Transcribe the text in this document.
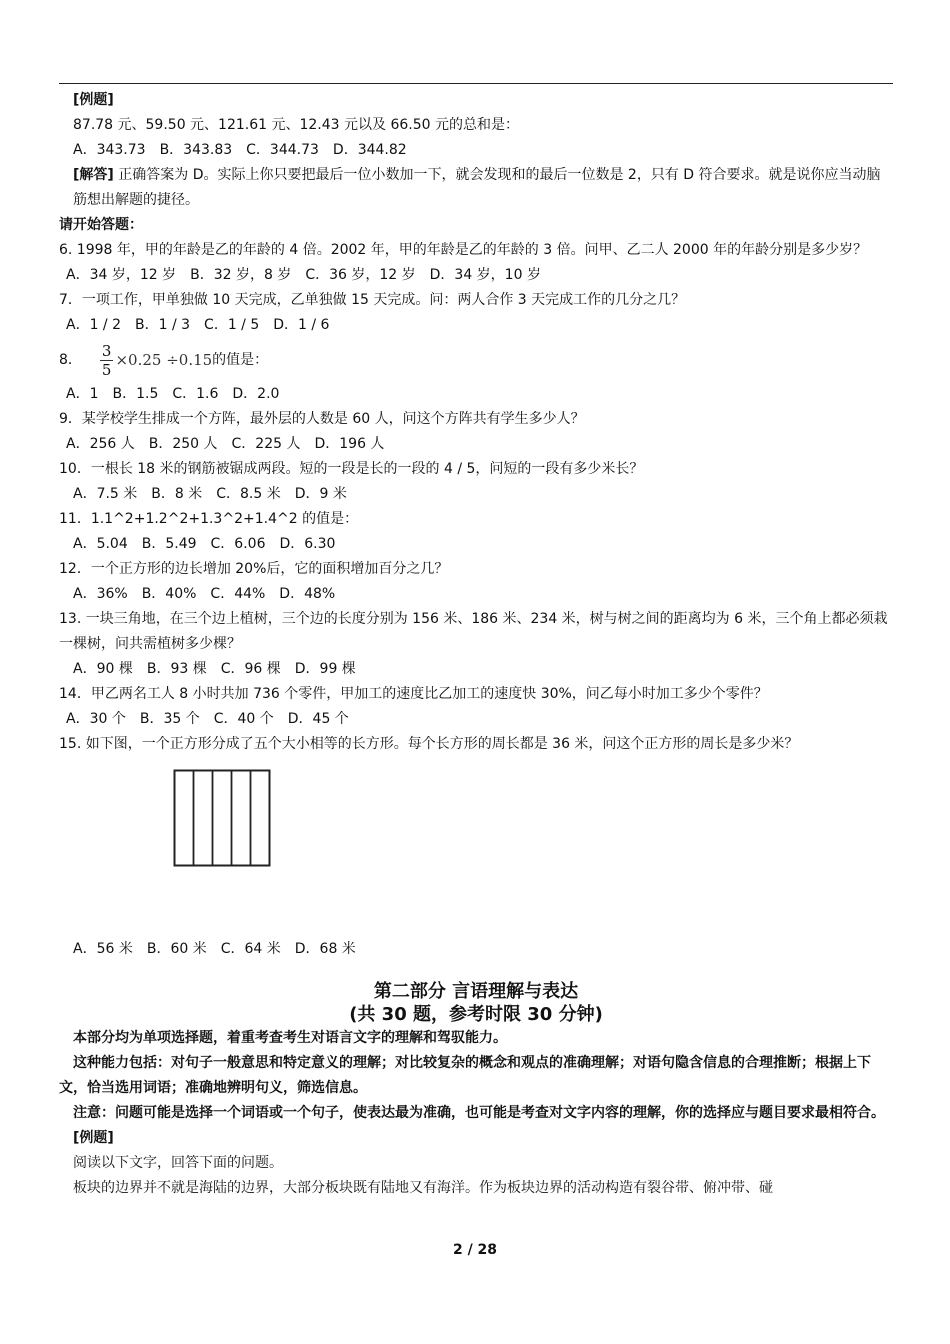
[例题]
87.78 元、59.50 元、121.61 元、12.43 元以及 66.50 元的总和是：
A．343.73　B．343.83　C．344.73　D．344.82
[解答] 正确答案为 D。实际上你只要把最后一位小数加一下，就会发现和的最后一位数是 2，只有 D 符合要求。就是说你应当动脑筋想出解题的捷径。
请开始答题：
6. 1998 年，甲的年龄是乙的年龄的 4 倍。2002 年，甲的年龄是乙的年龄的 3 倍。问甲、乙二人 2000 年的年龄分别是多少岁？
A．34 岁，12 岁　B．32 岁，8 岁　C．36 岁，12 岁　D．34 岁，10 岁
7．一项工作，甲单独做 10 天完成，乙单独做 15 天完成。问：两人合作 3 天完成工作的几分之几？
A．1 / 2　B．1 / 3　C．1 / 5　D．1 / 6
8． $\frac{3}{5} \times 0.25 \div 0.15$ 的值是：
A．1　B．1.5　C．1.6　D．2.0
9．某学校学生排成一个方阵，最外层的人数是 60 人，问这个方阵共有学生多少人？
A．256 人　B．250 人　C．225 人　D．196 人
10．一根长 18 米的钢筋被锯成两段。短的一段是长的一段的 4 / 5，问短的一段有多少米长？
A．7.5 米　B．8 米　C．8.5 米　D．9 米
11．1.1^2+1.2^2+1.3^2+1.4^2 的值是：
A．5.04　B．5.49　C．6.06　D．6.30
12．一个正方形的边长增加 20%后，它的面积增加百分之几？
A．36%　B．40%　C．44%　D．48%
13. 一块三角地，在三个边上植树，三个边的长度分别为 156 米、186 米、234 米，树与树之间的距离均为 6 米，三个角上都必须栽一棵树，问共需植树多少棵？
A．90 棵　B．93 棵　C．96 棵　D．99 棵
14．甲乙两名工人 8 小时共加 736 个零件，甲加工的速度比乙加工的速度快 30%，问乙每小时加工多少个零件？
A．30 个　B．35 个　C．40 个　D．45 个
15. 如下图，一个正方形分成了五个大小相等的长方形。每个长方形的周长都是 36 米，问这个正方形的周长是多少米？
A．56 米　B．60 米　C．64 米　D．68 米
第二部分 言语理解与表达
(共 30 题，参考时限 30 分钟)
本部分均为单项选择题，着重考查考生对语言文字的理解和驾驭能力。
这种能力包括：对句子一般意思和特定意义的理解；对比较复杂的概念和观点的准确理解；对语句隐含信息的合理推断；根据上下文，恰当选用词语；准确地辨明句义，筛选信息。
注意：问题可能是选择一个词语或一个句子，使表达最为准确，也可能是考查对文字内容的理解，你的选择应与题目要求最相符合。
[例题]
阅读以下文字，回答下面的问题。
板块的边界并不就是海陆的边界，大部分板块既有陆地又有海洋。作为板块边界的活动构造有裂谷带、俯冲带、碰
2 / 28
